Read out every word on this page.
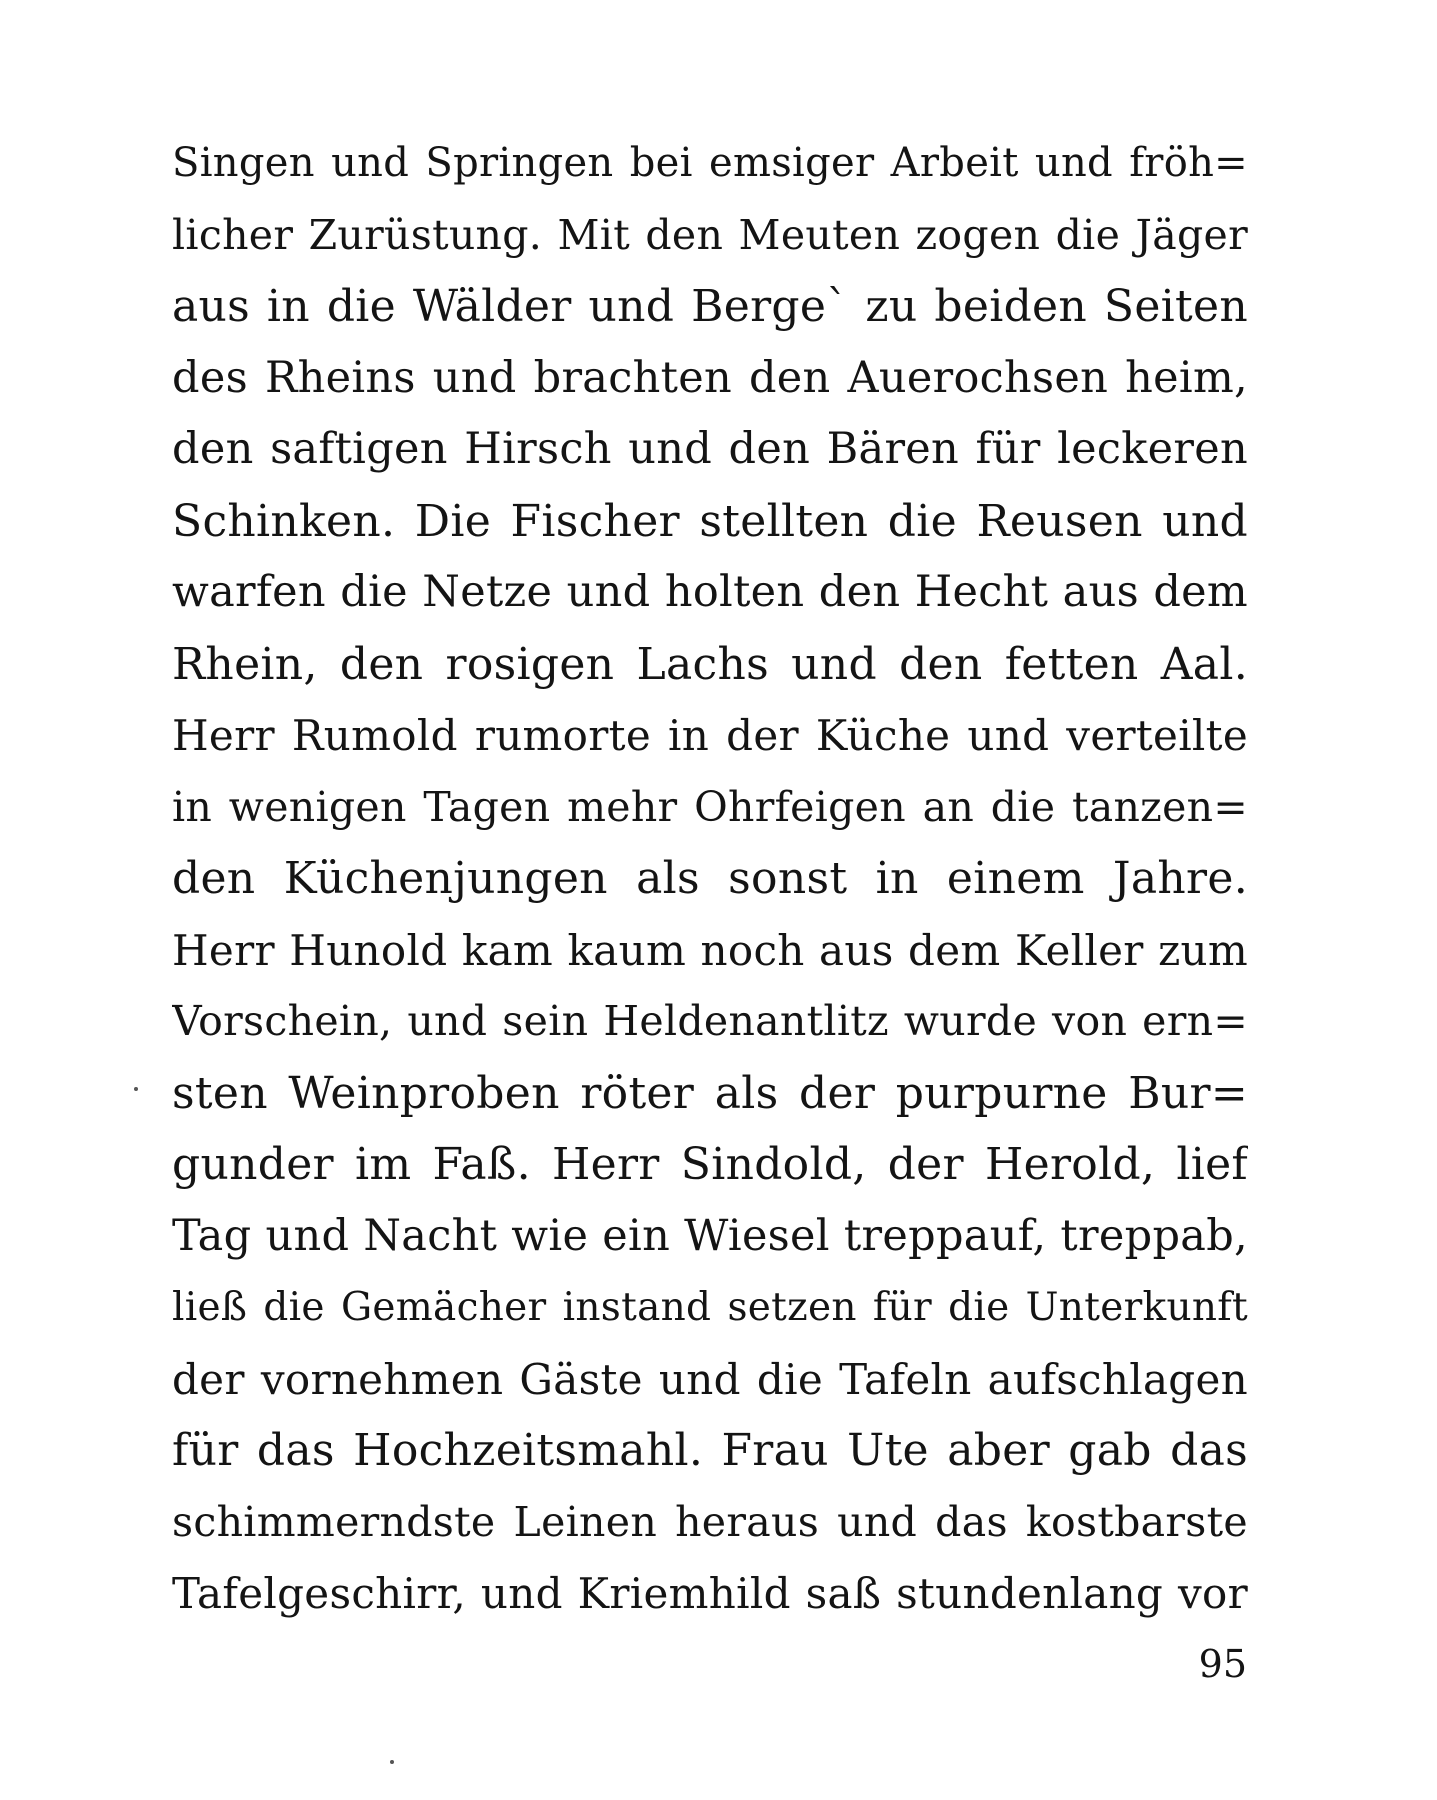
Singen und Springen bei emsiger Arbeit und fröh=
licher Zurüstung. Mit den Meuten zogen die Jäger
aus in die Wälder und Berge` zu beiden Seiten
des Rheins und brachten den Auerochsen heim,
den saftigen Hirsch und den Bären für leckeren
Schinken. Die Fischer stellten die Reusen und
warfen die Netze und holten den Hecht aus dem
Rhein, den rosigen Lachs und den fetten Aal.
Herr Rumold rumorte in der Küche und verteilte
in wenigen Tagen mehr Ohrfeigen an die tanzen=
den Küchenjungen als sonst in einem Jahre.
Herr Hunold kam kaum noch aus dem Keller zum
Vorschein, und sein Heldenantlitz wurde von ern=
sten Weinproben röter als der purpurne Bur=
gunder im Faß. Herr Sindold, der Herold, lief
Tag und Nacht wie ein Wiesel treppauf, treppab,
ließ die Gemächer instand setzen für die Unterkunft
der vornehmen Gäste und die Tafeln aufschlagen
für das Hochzeitsmahl. Frau Ute aber gab das
schimmerndste Leinen heraus und das kostbarste
Tafelgeschirr, und Kriemhild saß stundenlang vor
95
